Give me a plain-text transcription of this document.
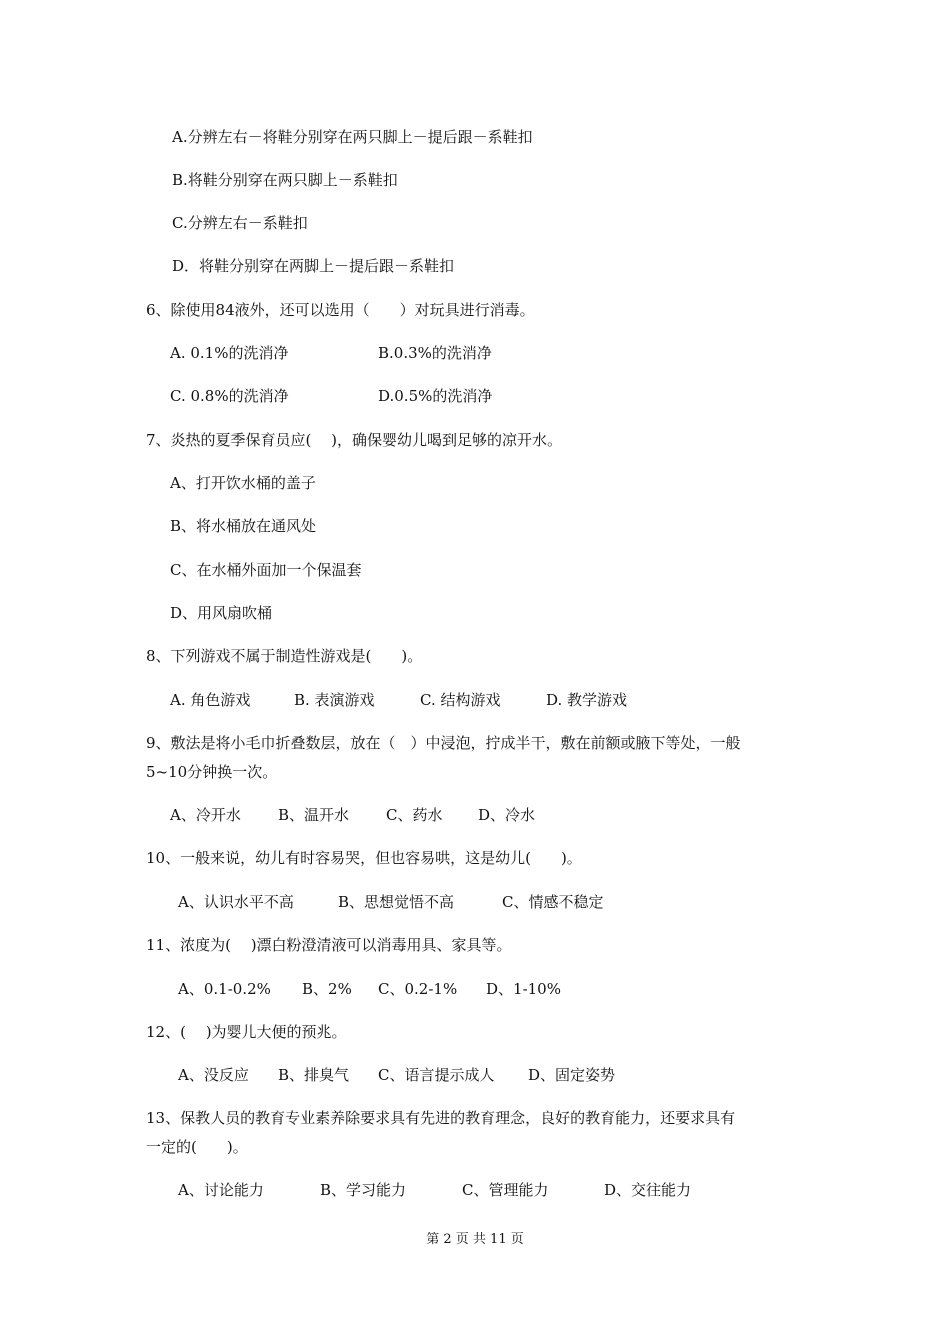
A.分辨左右－将鞋分别穿在两只脚上－提后跟－系鞋扣
B.将鞋分别穿在两只脚上－系鞋扣
C.分辨左右－系鞋扣
D．将鞋分别穿在两脚上－提后跟－系鞋扣
6、除使用84液外，还可以选用（　　）对玩具进行消毒。
A. 0.1%的洗消净	B.0.3%的洗消净
C. 0.8%的洗消净	D.0.5%的洗消净
7、炎热的夏季保育员应(　 )，确保婴幼儿喝到足够的凉开水。
A、打开饮水桶的盖子
B、将水桶放在通风处
C、在水桶外面加一个保温套
D、用风扇吹桶
8、下列游戏不属于制造性游戏是(　　)。
A. 角色游戏	B. 表演游戏	C. 结构游戏	D. 教学游戏
9、敷法是将小毛巾折叠数层，放在（　）中浸泡，拧成半干，敷在前额或腋下等处，一般
5~10分钟换一次。
A、冷开水 B、温开水 C、药水 D、冷水
10、一般来说，幼儿有时容易哭，但也容易哄，这是幼儿(　　)。
A、认识水平不高	B、思想觉悟不高	C、情感不稳定
11、浓度为(　 )漂白粉澄清液可以消毒用具、家具等。
A、0.1-0.2% B、2% C、0.2-1% D、1-10%
12、(　 )为婴儿大便的预兆。
A、没反应 B、排臭气 C、语言提示成人 D、固定姿势
13、保教人员的教育专业素养除要求具有先进的教育理念，良好的教育能力，还要求具有
一定的(　　)。
A、讨论能力	B、学习能力	C、管理能力	D、交往能力
第 2 页 共 11 页
